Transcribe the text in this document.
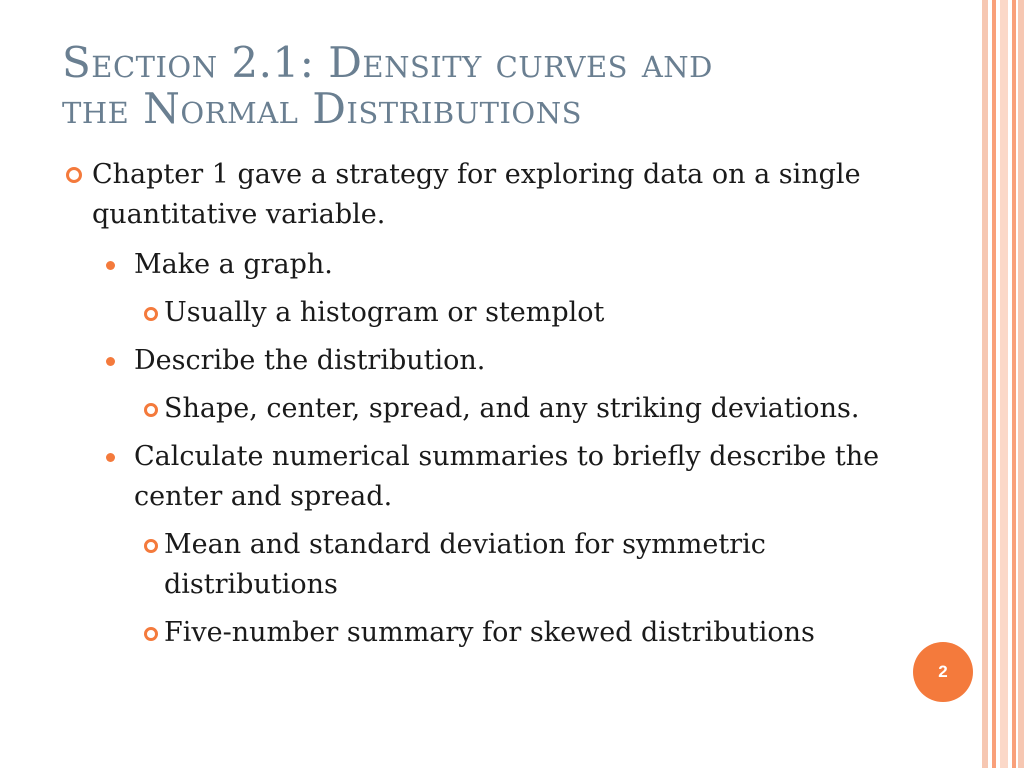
Section 2.1: Density curves and
the Normal Distributions
Chapter 1 gave a strategy for exploring data on a single quantitative variable.
Make a graph.
Usually a histogram or stemplot
Describe the distribution.
Shape, center, spread, and any striking deviations.
Calculate numerical summaries to briefly describe the center and spread.
Mean and standard deviation for symmetric distributions
Five-number summary for skewed distributions
2
